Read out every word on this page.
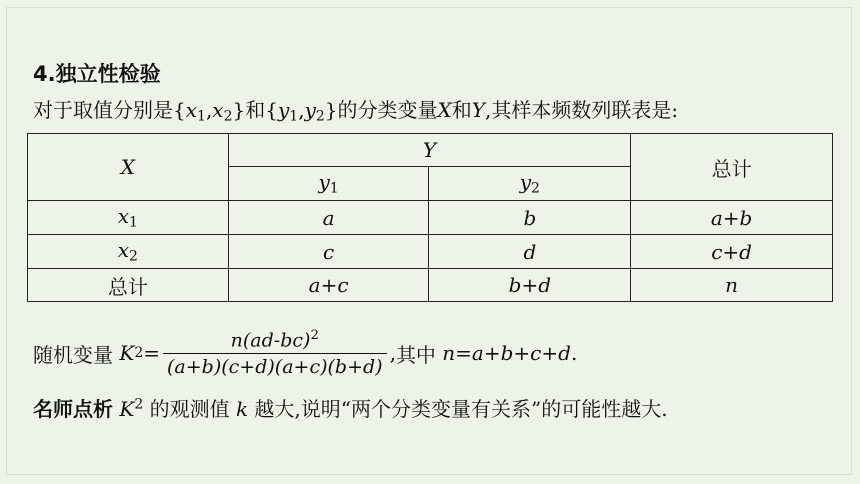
4.独立性检验
对于取值分别是$\{x_1,x_2\}$和$\{y_1,y_2\}$的分类变量X和Y,其样本频数列联表是:
X	Y		总计
	$y_1$	$y_2$
$x_1$	a	b	a+b
$x_2$	c	d	c+d
总计	a+c	b+d	n
随机变量
K $2 = \frac{n(ad-bc)^2}{(a+b)(c+d)(a+c)(b+d)}$ , 其中
n=a+b+c+d .
名师点析 $K^2$ 的观测值 k 越大,说明“两个分类变量有关系”的可能性越大.
